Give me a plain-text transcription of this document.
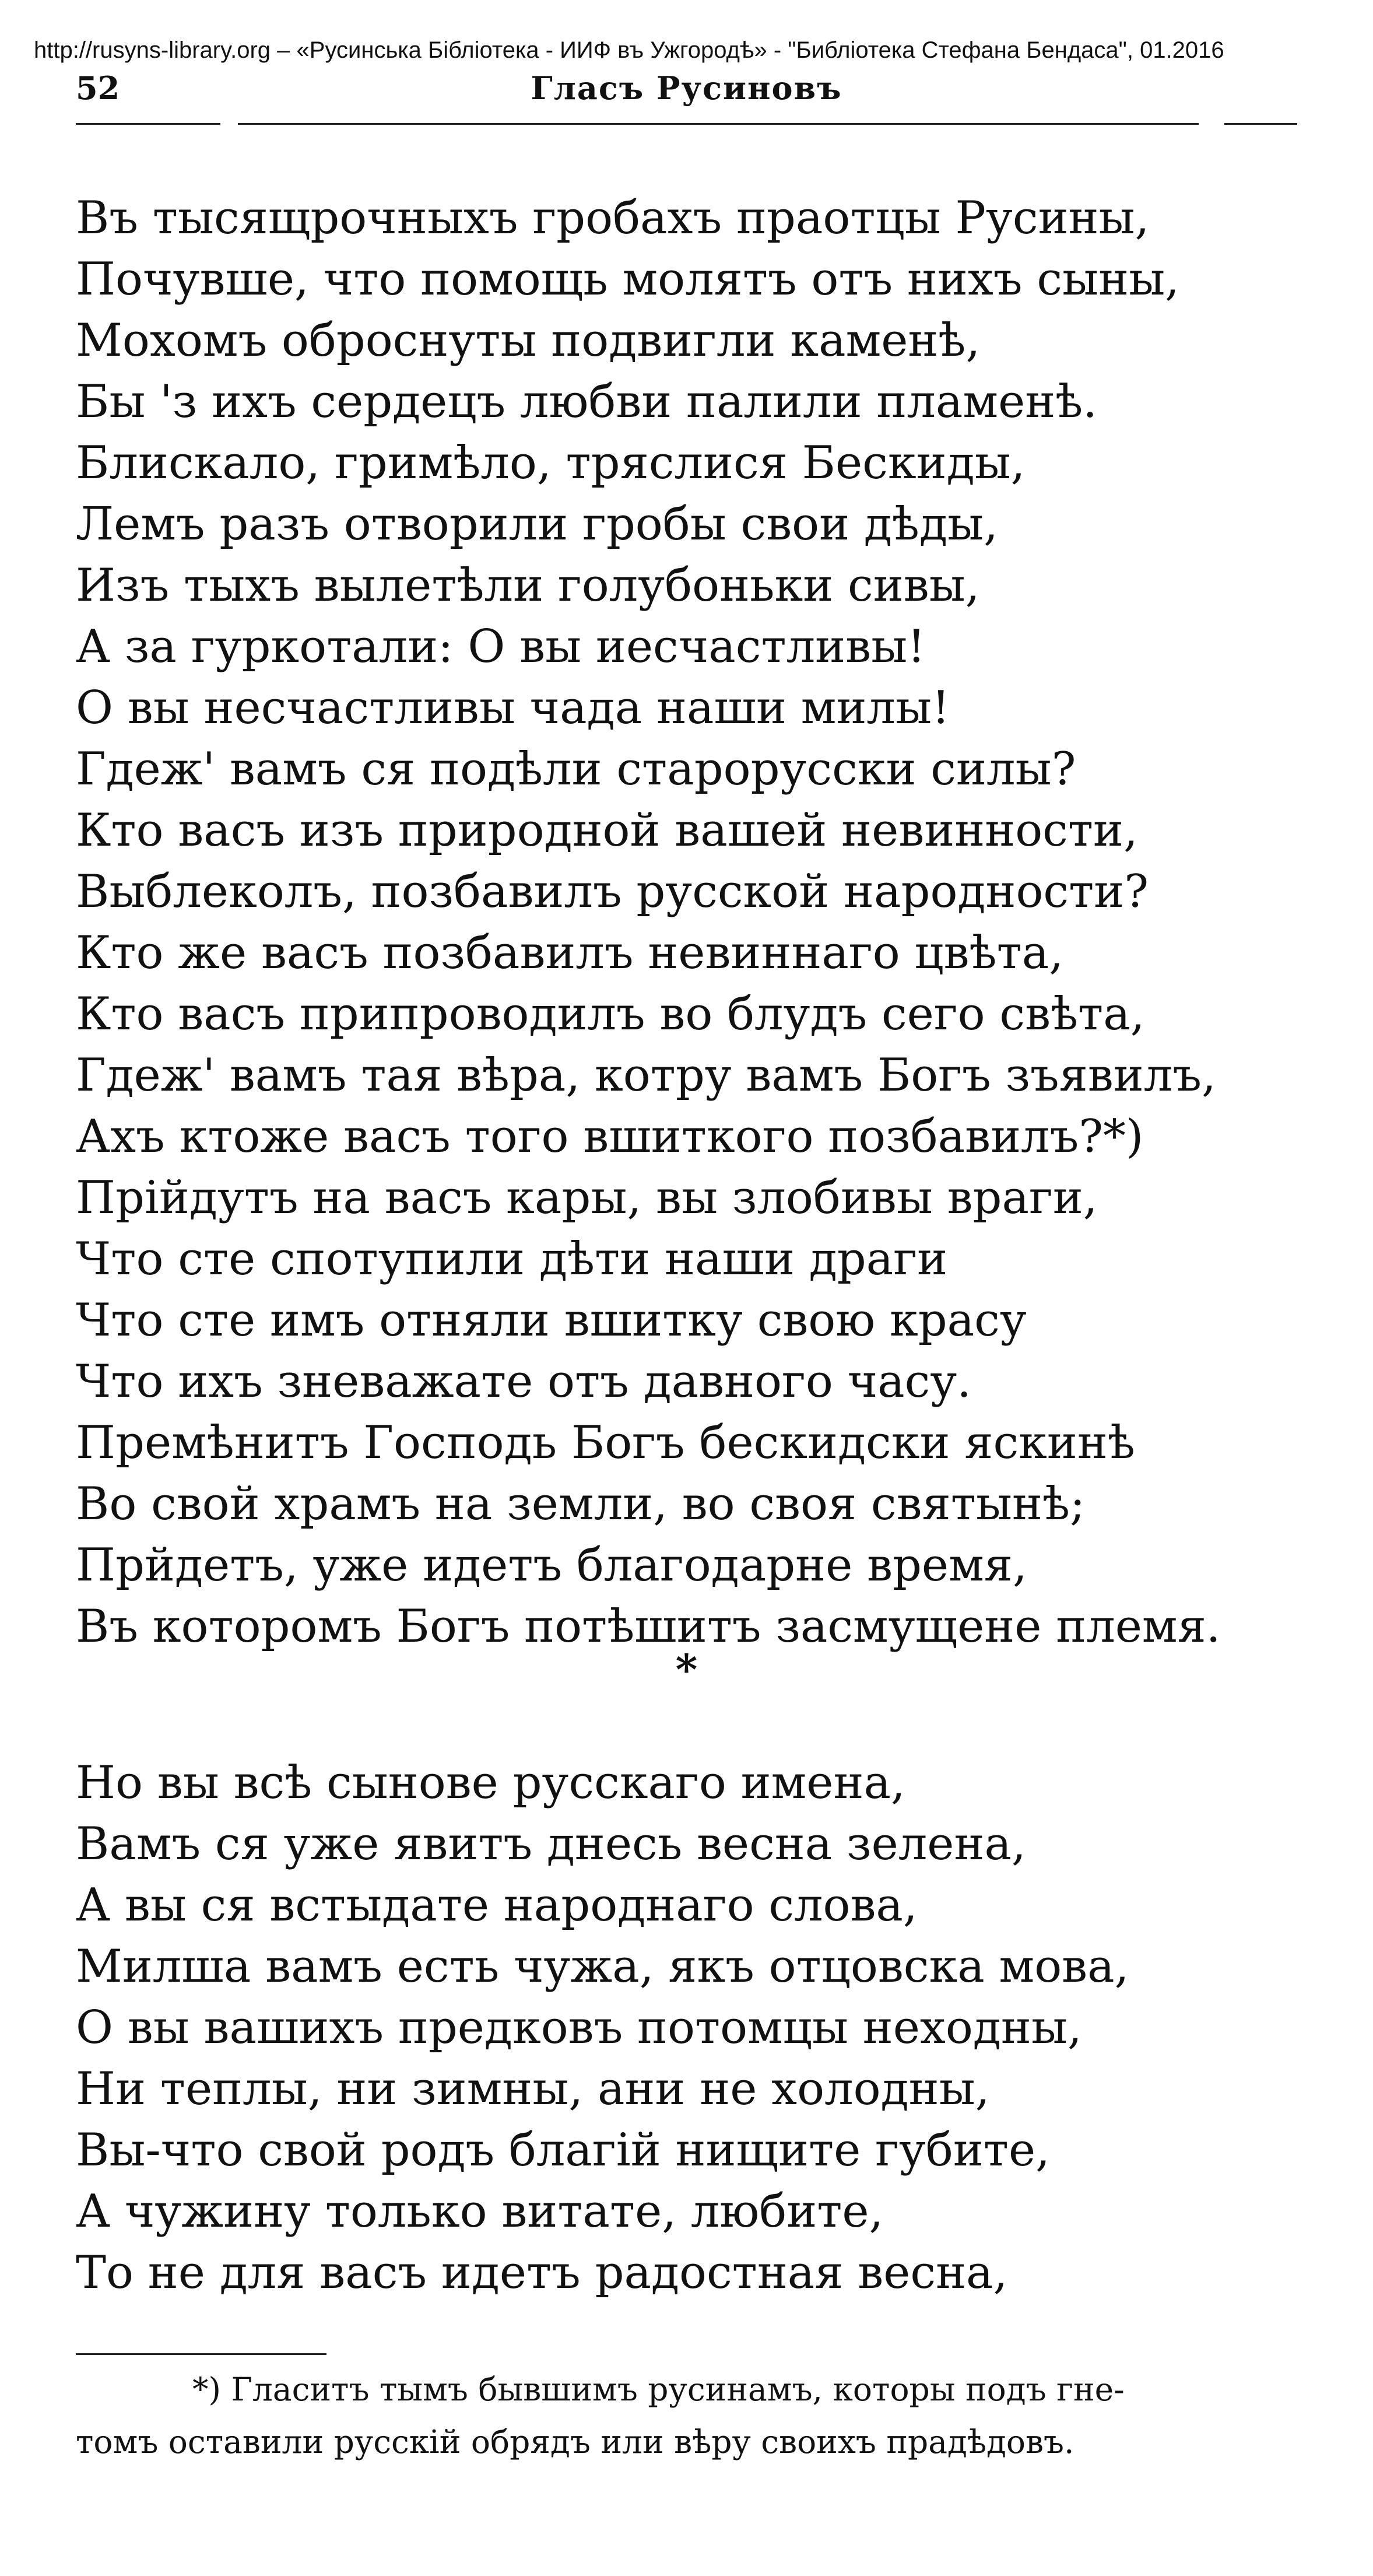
http://rusyns-library.org – «Русинська Бібліотека - ИИФ въ Ужгородѣ» - "Библіотека Стефана Бендаса", 01.2016
52	Гласъ Русиновъ
Въ тысящрочныхъ гробахъ праотцы Русины,
Почувше, что помощь молятъ отъ нихъ сыны,
Мохомъ оброснуты подвигли каменѣ,
Бы 'з ихъ сердецъ любви палили пламенѣ.
Блискало, гримѣло, тряслися Бескиды,
Лемъ разъ отворили гробы свои дѣды,
Изъ тыхъ вылетѣли голубоньки сивы,
А за гуркотали: О вы иесчастливы!
О вы несчастливы чада наши милы!
Гдеж' вамъ ся подѣли старорусски силы?
Кто васъ изъ природной вашей невинности,
Выблеколъ, позбавилъ русской народности?
Кто же васъ позбавилъ невиннаго цвѣта,
Кто васъ припроводилъ во блудъ сего свѣта,
Гдеж' вамъ тая вѣра, котру вамъ Богъ зъявилъ,
Ахъ ктоже васъ того вшиткого позбавилъ?*)
Прійдутъ на васъ кары, вы злобивы враги,
Что сте спотупили дѣти наши драги
Что сте имъ отняли вшитку свою красу
Что ихъ зневажате отъ давного часу.
Премѣнитъ Господь Богъ бескидски яскинѣ
Во свой храмъ на земли, во своя святынѣ;
Прйдетъ, уже идетъ благодарне время,
Въ которомъ Богъ потѣшитъ засмущене племя.
*
Но вы всѣ сынове русскаго имена,
Вамъ ся уже явитъ днесь весна зелена,
А вы ся встыдате народнаго слова,
Милша вамъ есть чужа, якъ отцовска мова,
О вы вашихъ предковъ потомцы неходны,
Ни теплы, ни зимны, ани не холодны,
Вы-что свой родъ благій нищите губите,
А чужину только витате, любите,
То не для васъ идетъ радостная весна,
*) Гласитъ тымъ бывшимъ русинамъ, которы подъ гне-
томъ оставили русскій обрядъ или вѣру своихъ прадѣдовъ.
